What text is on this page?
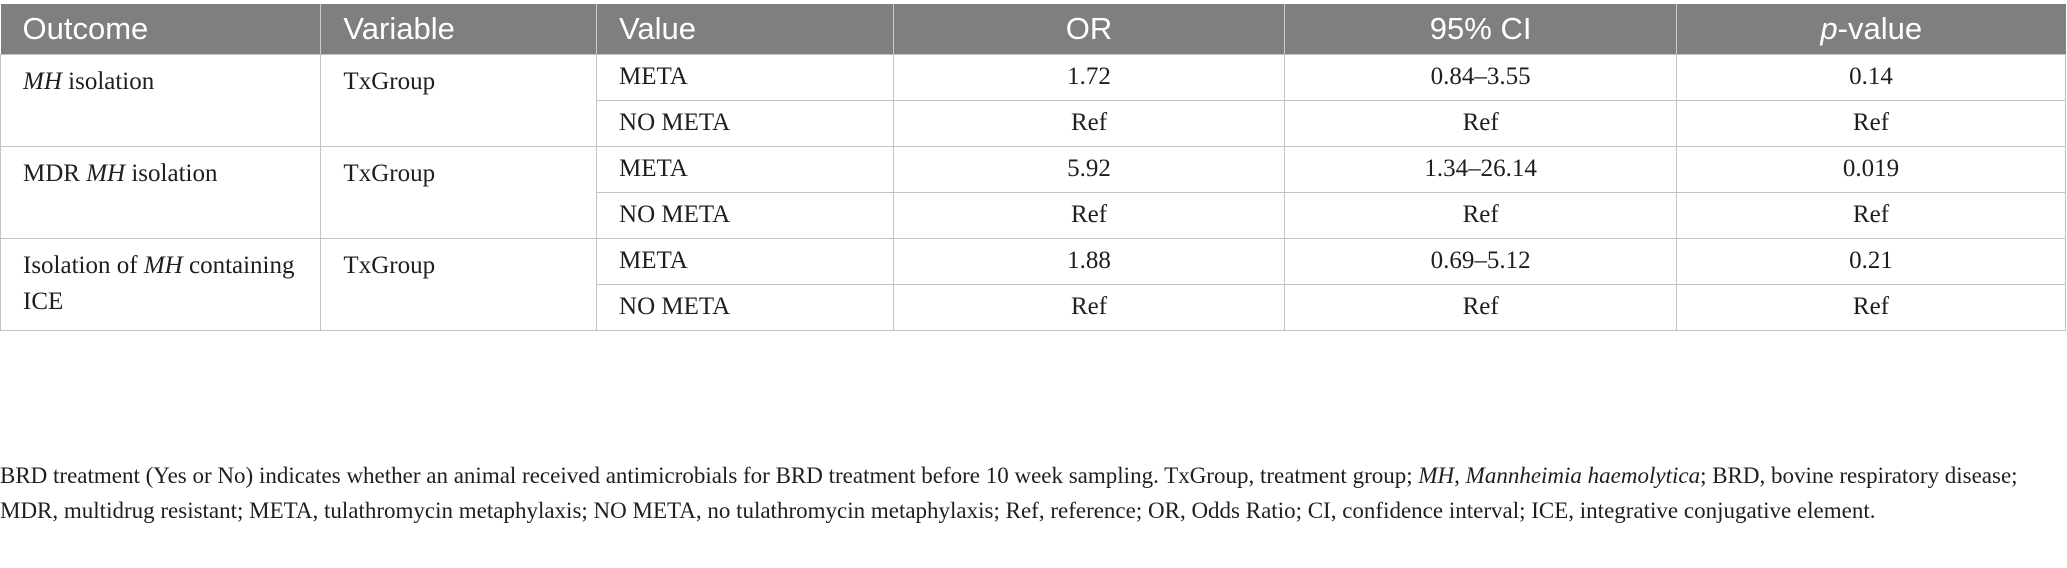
Outcome	Variable	Value	OR	95% CI	p-value
MH isolation	TxGroup	META	1.72	0.84–3.55	0.14
		NO META	Ref	Ref	Ref
MDR MH isolation	TxGroup	META	5.92	1.34–26.14	0.019
		NO META	Ref	Ref	Ref
Isolation of MH containing ICE	TxGroup	META	1.88	0.69–5.12	0.21
		NO META	Ref	Ref	Ref

BRD treatment (Yes or No) indicates whether an animal received antimicrobials for BRD treatment before 10 week sampling. TxGroup, treatment group; MH, Mannheimia haemolytica; BRD, bovine respiratory disease; MDR, multidrug resistant; META, tulathromycin metaphylaxis; NO META, no tulathromycin metaphylaxis; Ref, reference; OR, Odds Ratio; CI, confidence interval; ICE, integrative conjugative element.
